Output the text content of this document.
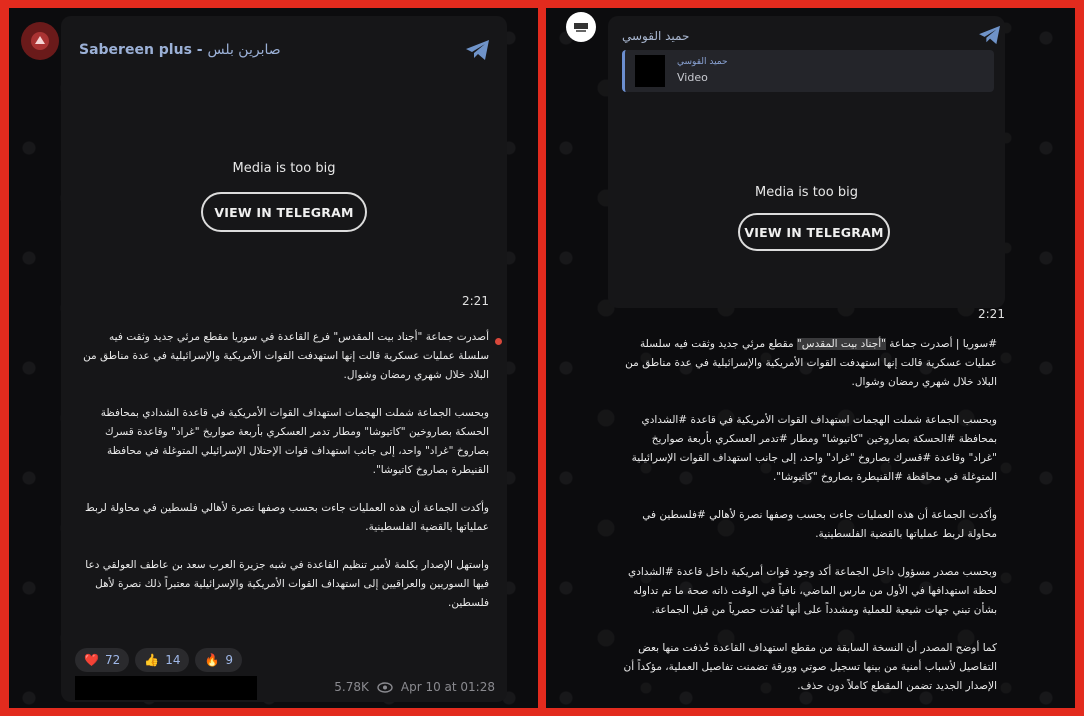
Sabereen plus - صابرين بلس
Media is too big
VIEW IN TELEGRAM
2:21

أصدرت جماعة "أجناد بيت المقدس" فرع القاعدة في سوريا مقطع مرئي جديد وثقت فيه سلسلة عمليات عسكرية قالت إنها استهدفت القوات الأمريكية والإسرائيلية في عدة مناطق من البلاد خلال شهري رمضان وشوال.

وبحسب الجماعة شملت الهجمات استهداف القوات الأمريكية في قاعدة الشدادي بمحافظة الحسكة بصاروخين "كاتيوشا" ومطار تدمر العسكري بأربعة صواريخ "غراد" وقاعدة قسرك بصاروخ "غراد" واحد، إلى جانب استهداف قوات الإحتلال الإسرائيلي المتوغلة في محافظة القنيطرة بصاروخ كاتيوشا".

وأكدت الجماعة أن هذه العمليات جاءت بحسب وصفها نصرة لأهالي فلسطين في محاولة لربط عملياتها بالقضية الفلسطينية.

واستهل الإصدار بكلمة لأمير تنظيم القاعدة في شبه جزيرة العرب سعد بن عاطف العولقي دعا فيها السوريين والعراقيين إلى استهداف القوات الأمريكية والإسرائيلية معتبراً ذلك نصرة لأهل فلسطين.

❤️ 72 👍 14 🔥 9
5.78K	Apr 10 at 01:28
حميد القوسي
حميد القوسي
Video
Media is too big
VIEW IN TELEGRAM
2:21

#سوريا | أصدرت جماعة "أجناد بيت المقدس" مقطع مرئي جديد وثقت فيه سلسلة عمليات عسكرية قالت إنها استهدفت القوات الأمريكية والإسرائيلية في عدة مناطق من البلاد خلال شهري رمضان وشوال.

وبحسب الجماعة شملت الهجمات استهداف القوات الأمريكية في قاعدة #الشدادي بمحافظة #الحسكة بصاروخين "كاتيوشا" ومطار #تدمر العسكري بأربعة صواريخ "غراد" وقاعدة #قسرك بصاروخ "غراد" واحد، إلى جانب استهداف القوات الإسرائيلية المتوغلة في محافظة #القنيطرة بصاروخ "كاتيوشا".

وأكدت الجماعة أن هذه العمليات جاءت بحسب وصفها نصرة لأهالي #فلسطين في محاولة لربط عملياتها بالقضية الفلسطينية.

وبحسب مصدر مسؤول داخل الجماعة أكد وجود قوات أمريكية داخل قاعدة #الشدادي لحظة استهدافها في الأول من مارس الماضي، نافياً في الوقت ذاته صحة ما تم تداوله بشأن تبني جهات شيعية للعملية ومشدداً على أنها نُفذت حصرياً من قبل الجماعة.

كما أوضح المصدر أن النسخة السابقة من مقطع استهداف القاعدة حُذفت منها بعض التفاصيل لأسباب أمنية من بينها تسجيل صوتي وورقة تضمنت تفاصيل العملية، مؤكداً أن الإصدار الجديد تضمن المقطع كاملاً دون حذف.
